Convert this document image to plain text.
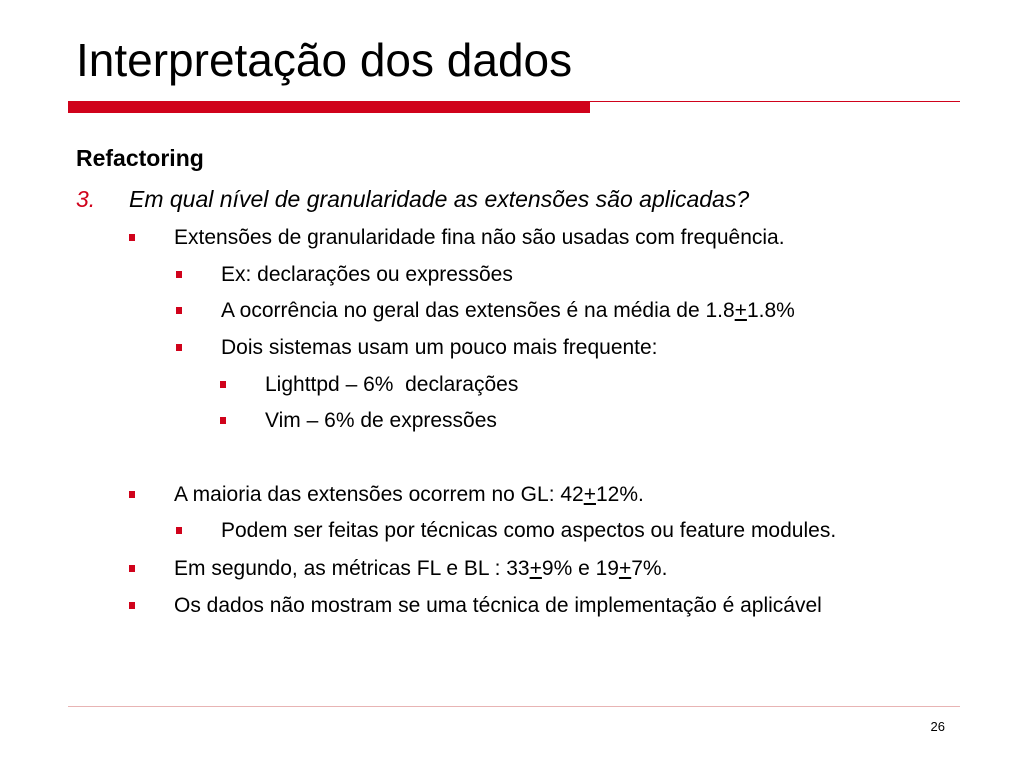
Interpretação dos dados
Refactoring
3. Em qual nível de granularidade as extensões são aplicadas?
Extensões de granularidade fina não são usadas com frequência.
Ex: declarações ou expressões
A ocorrência no geral das extensões é na média de 1.8+1.8%
Dois sistemas usam um pouco mais frequente:
Lighttpd – 6%  declarações
Vim – 6% de expressões
A maioria das extensões ocorrem no GL: 42+12%.
Podem ser feitas por técnicas como aspectos ou feature modules.
Em segundo, as métricas FL e BL : 33+9% e 19+7%.
Os dados não mostram se uma técnica de implementação é aplicável
26
